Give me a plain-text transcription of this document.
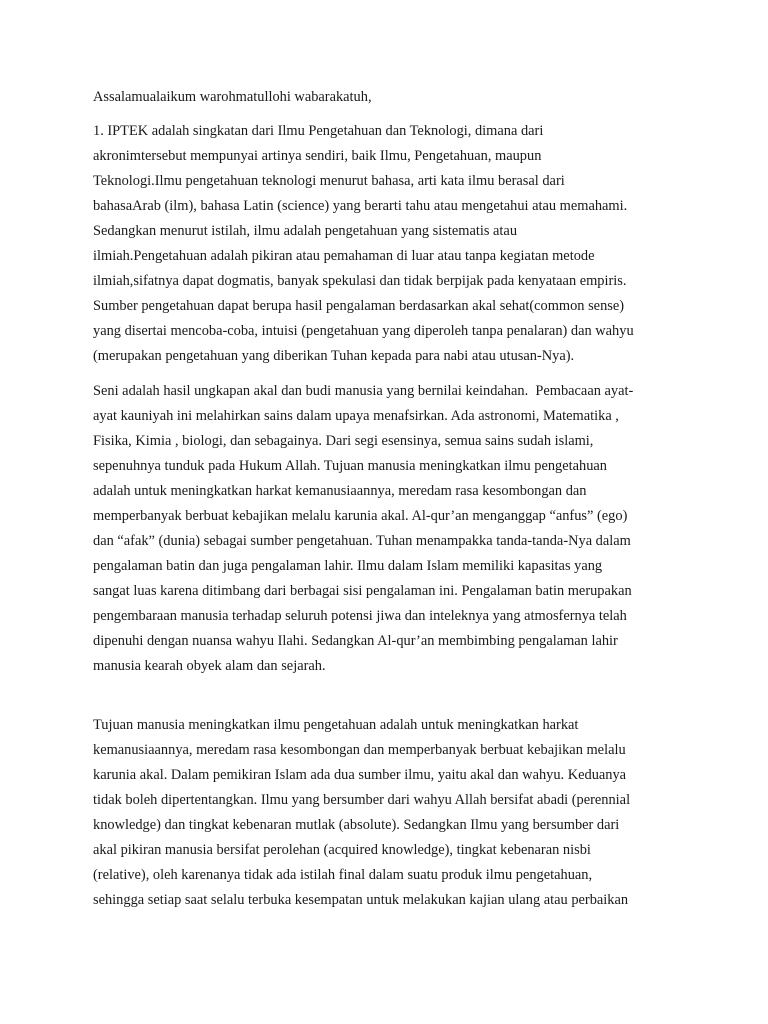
Assalamualaikum warohmatullohi wabarakatuh,
1. IPTEK adalah singkatan dari Ilmu Pengetahuan dan Teknologi, dimana dari
akronimtersebut mempunyai artinya sendiri, baik Ilmu, Pengetahuan, maupun
Teknologi.Ilmu pengetahuan teknologi menurut bahasa, arti kata ilmu berasal dari
bahasaArab (ilm), bahasa Latin (science) yang berarti tahu atau mengetahui atau memahami.
Sedangkan menurut istilah, ilmu adalah pengetahuan yang sistematis atau
ilmiah.Pengetahuan adalah pikiran atau pemahaman di luar atau tanpa kegiatan metode
ilmiah,sifatnya dapat dogmatis, banyak spekulasi dan tidak berpijak pada kenyataan empiris.
Sumber pengetahuan dapat berupa hasil pengalaman berdasarkan akal sehat(common sense)
yang disertai mencoba-coba, intuisi (pengetahuan yang diperoleh tanpa penalaran) dan wahyu
(merupakan pengetahuan yang diberikan Tuhan kepada para nabi atau utusan-Nya).
Seni adalah hasil ungkapan akal dan budi manusia yang bernilai keindahan.  Pembacaan ayat-
ayat kauniyah ini melahirkan sains dalam upaya menafsirkan. Ada astronomi, Matematika ,
Fisika, Kimia , biologi, dan sebagainya. Dari segi esensinya, semua sains sudah islami,
sepenuhnya tunduk pada Hukum Allah. Tujuan manusia meningkatkan ilmu pengetahuan
adalah untuk meningkatkan harkat kemanusiaannya, meredam rasa kesombongan dan
memperbanyak berbuat kebajikan melalu karunia akal. Al-qur’an menganggap “anfus” (ego)
dan “afak” (dunia) sebagai sumber pengetahuan. Tuhan menampakka tanda-tanda-Nya dalam
pengalaman batin dan juga pengalaman lahir. Ilmu dalam Islam memiliki kapasitas yang
sangat luas karena ditimbang dari berbagai sisi pengalaman ini. Pengalaman batin merupakan
pengembaraan manusia terhadap seluruh potensi jiwa dan inteleknya yang atmosfernya telah
dipenuhi dengan nuansa wahyu Ilahi. Sedangkan Al-qur’an membimbing pengalaman lahir
manusia kearah obyek alam dan sejarah.
Tujuan manusia meningkatkan ilmu pengetahuan adalah untuk meningkatkan harkat
kemanusiaannya, meredam rasa kesombongan dan memperbanyak berbuat kebajikan melalu
karunia akal. Dalam pemikiran Islam ada dua sumber ilmu, yaitu akal dan wahyu. Keduanya
tidak boleh dipertentangkan. Ilmu yang bersumber dari wahyu Allah bersifat abadi (perennial
knowledge) dan tingkat kebenaran mutlak (absolute). Sedangkan Ilmu yang bersumber dari
akal pikiran manusia bersifat perolehan (acquired knowledge), tingkat kebenaran nisbi
(relative), oleh karenanya tidak ada istilah final dalam suatu produk ilmu pengetahuan,
sehingga setiap saat selalu terbuka kesempatan untuk melakukan kajian ulang atau perbaikan
